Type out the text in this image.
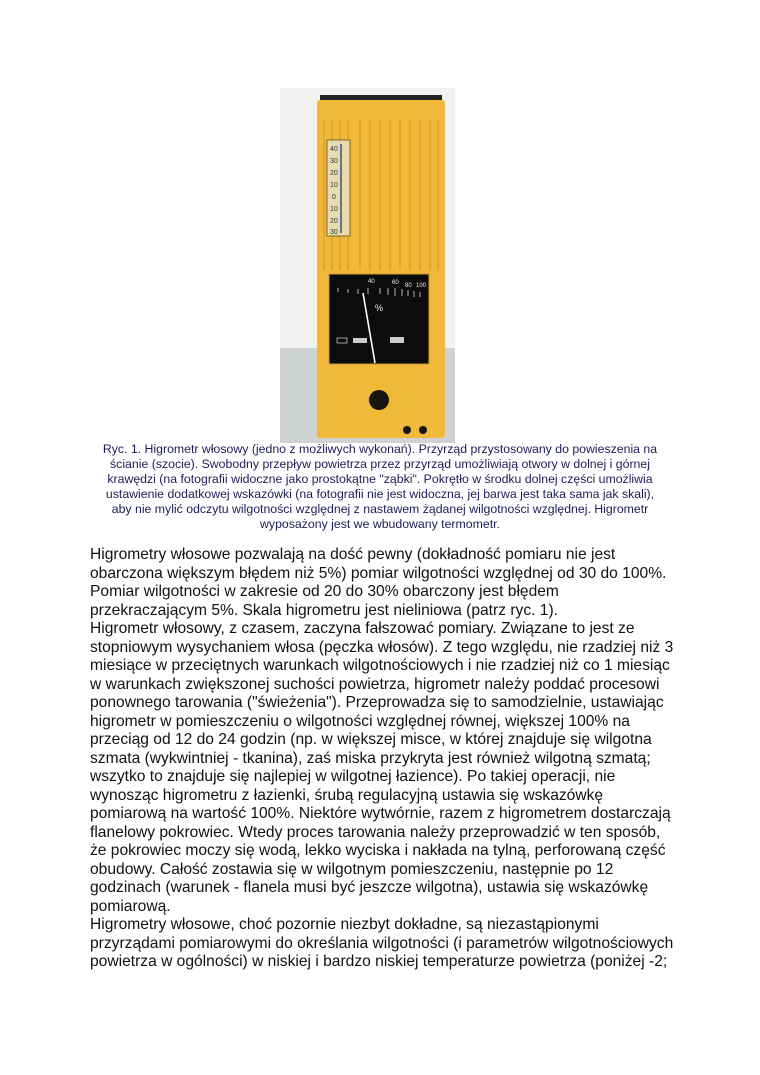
40
30
20
10
0
10
20
30
40	60 80 100
%
Ryc. 1. Higrometr włosowy (jedno z możliwych wykonań). Przyrząd przystosowany do powieszenia na
ścianie (szocie). Swobodny przepływ powietrza przez przyrząd umożliwiają otwory w dolnej i górnej
krawędzi (na fotografii widoczne jako prostokątne "ząbki". Pokrętło w środku dolnej części umożliwia
ustawienie dodatkowej wskazówki (na fotografii nie jest widoczna, jej barwa jest taka sama jak skali),
aby nie mylić odczytu wilgotności względnej z nastawem żądanej wilgotności względnej. Higrometr
wyposażony jest we wbudowany termometr.
Higrometry włosowe pozwalają na dość pewny (dokładność pomiaru nie jest
obarczona większym błędem niż 5%) pomiar wilgotności względnej od 30 do 100%.
Pomiar wilgotności w zakresie od 20 do 30% obarczony jest błędem
przekraczającym 5%. Skala higrometru jest nieliniowa (patrz ryc. 1).
Higrometr włosowy, z czasem, zaczyna fałszować pomiary. Związane to jest ze
stopniowym wysychaniem włosa (pęczka włosów). Z tego względu, nie rzadziej niż 3
miesiące w przeciętnych warunkach wilgotnościowych i nie rzadziej niż co 1 miesiąc
w warunkach zwiększonej suchości powietrza, higrometr należy poddać procesowi
ponownego tarowania ("świeżenia"). Przeprowadza się to samodzielnie, ustawiając
higrometr w pomieszczeniu o wilgotności względnej równej, większej 100% na
przeciąg od 12 do 24 godzin (np. w większej misce, w której znajduje się wilgotna
szmata (wykwintniej - tkanina), zaś miska przykryta jest również wilgotną szmatą;
wszytko to znajduje się najlepiej w wilgotnej łazience). Po takiej operacji, nie
wynosząc higrometru z łazienki, śrubą regulacyjną ustawia się wskazówkę
pomiarową na wartość 100%. Niektóre wytwórnie, razem z higrometrem dostarczają
flanelowy pokrowiec. Wtedy proces tarowania należy przeprowadzić w ten sposób,
że pokrowiec moczy się wodą, lekko wyciska i nakłada na tylną, perforowaną część
obudowy. Całość zostawia się w wilgotnym pomieszczeniu, następnie po 12
godzinach (warunek - flanela musi być jeszcze wilgotna), ustawia się wskazówkę
pomiarową.
Higrometry włosowe, choć pozornie niezbyt dokładne, są niezastąpionymi
przyrządami pomiarowymi do określania wilgotności (i parametrów wilgotnościowych
powietrza w ogólności) w niskiej i bardzo niskiej temperaturze powietrza (poniżej -2;
